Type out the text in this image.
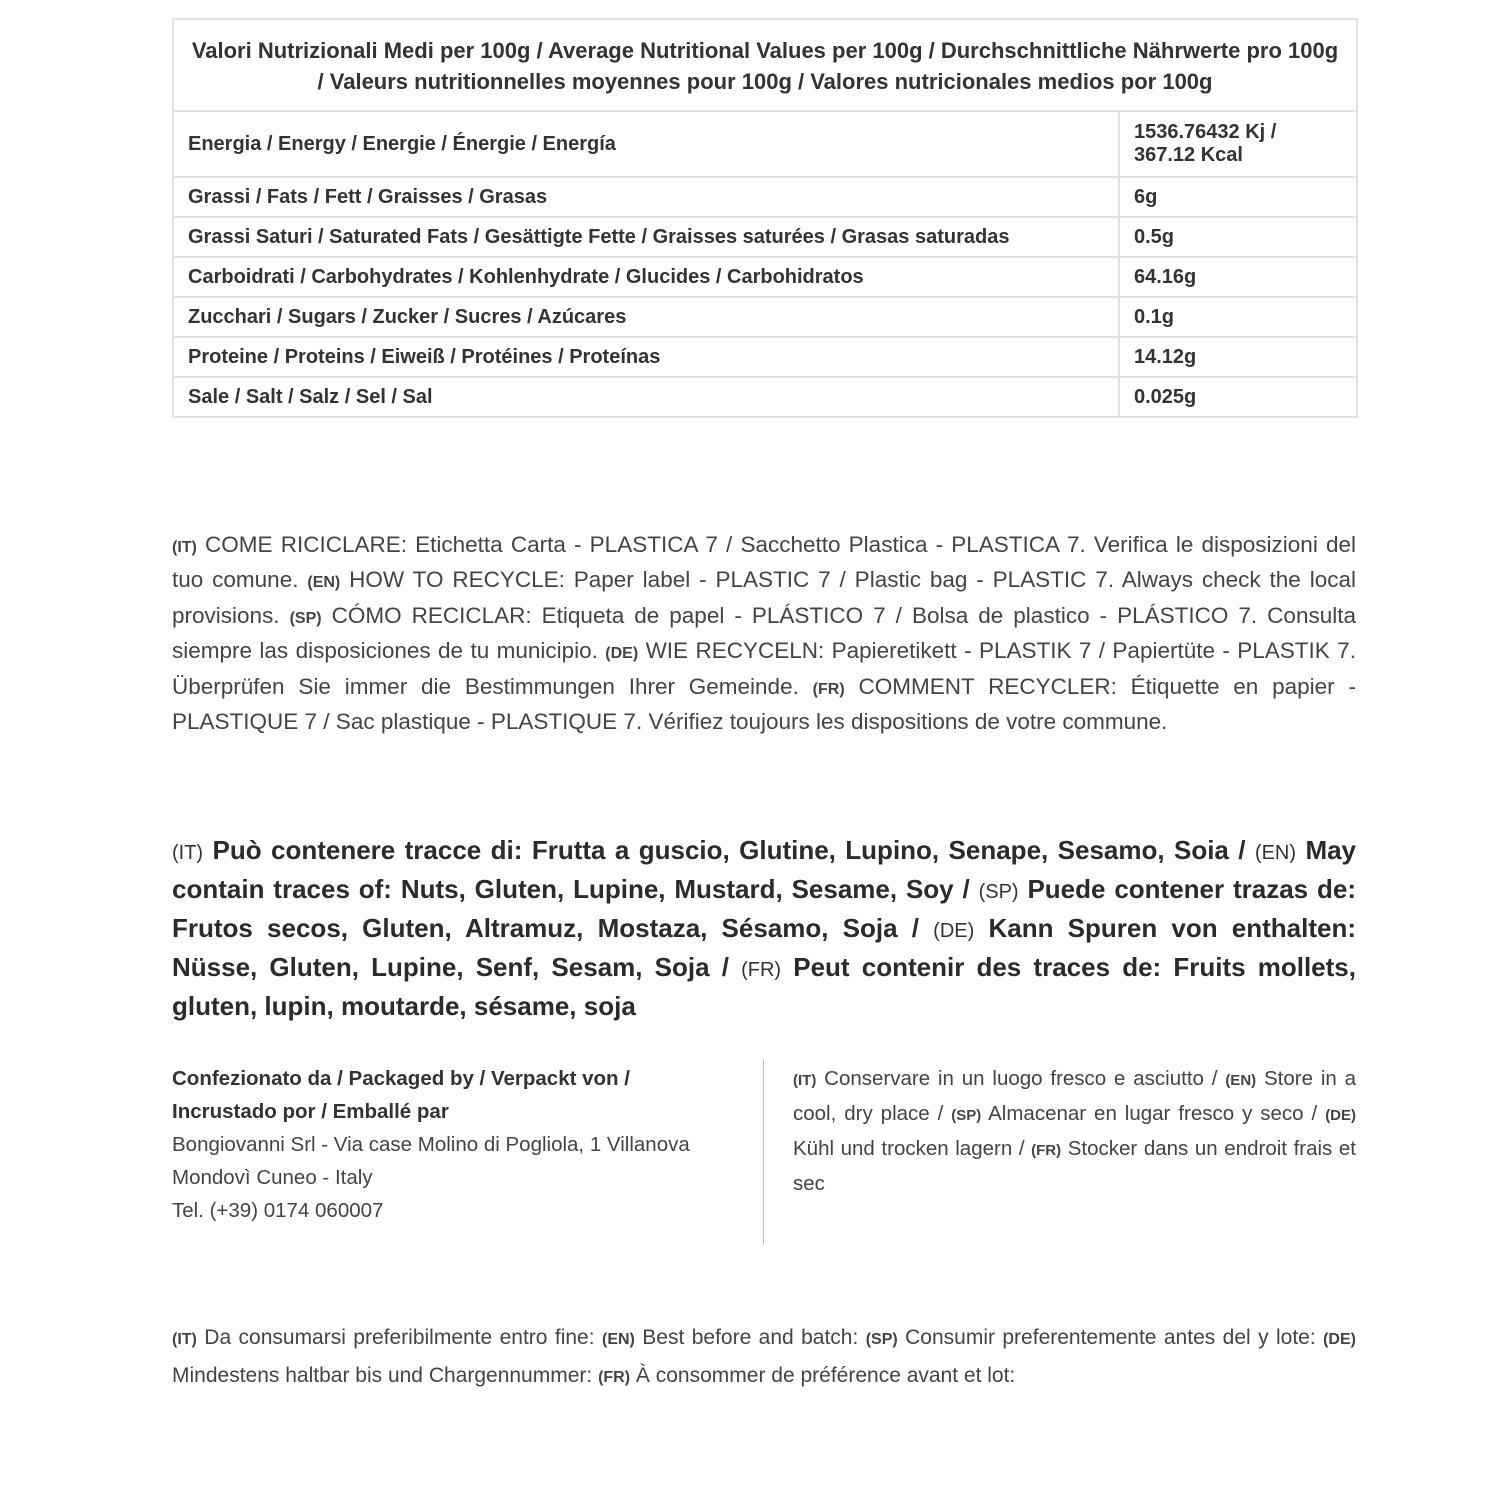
Valori Nutrizionali Medi per 100g / Average Nutritional Values per 100g / Durchschnittliche Nährwerte pro 100g / Valeurs nutritionnelles moyennes pour 100g / Valores nutricionales medios por 100g	
Energia / Energy / Energie / Énergie / Energía	1536.76432 Kj /
367.12 Kcal
Grassi / Fats / Fett / Graisses / Grasas	6g
Grassi Saturi / Saturated Fats / Gesättigte Fette / Graisses saturées / Grasas saturadas	0.5g
Carboidrati / Carbohydrates / Kohlenhydrate / Glucides / Carbohidratos	64.16g
Zucchari / Sugars / Zucker / Sucres / Azúcares	0.1g
Proteine / Proteins / Eiweiß / Protéines / Proteínas	14.12g
Sale / Salt / Salz / Sel / Sal	0.025g

(IT) COME RICICLARE: Etichetta Carta - PLASTICA 7 / Sacchetto Plastica - PLASTICA 7. Verifica le disposizioni del tuo comune. (EN) HOW TO RECYCLE: Paper label - PLASTIC 7 / Plastic bag - PLASTIC 7. Always check the local provisions. (SP) CÓMO RECICLAR: Etiqueta de papel - PLÁSTICO 7 / Bolsa de plastico - PLÁSTICO 7. Consulta siempre las disposiciones de tu municipio. (DE) WIE RECYCELN: Papieretikett - PLASTIK 7 / Papiertüte - PLASTIK 7. Überprüfen Sie immer die Bestimmungen Ihrer Gemeinde. (FR) COMMENT RECYCLER: Étiquette en papier - PLASTIQUE 7 / Sac plastique - PLASTIQUE 7. Vérifiez toujours les dispositions de votre commune.

(IT) Può contenere tracce di: Frutta a guscio, Glutine, Lupino, Senape, Sesamo, Soia / (EN) May contain traces of: Nuts, Gluten, Lupine, Mustard, Sesame, Soy / (SP) Puede contener trazas de: Frutos secos, Gluten, Altramuz, Mostaza, Sésamo, Soja / (DE) Kann Spuren von enthalten: Nüsse, Gluten, Lupine, Senf, Sesam, Soja / (FR) Peut contenir des traces de: Fruits mollets, gluten, lupin, moutarde, sésame, soja

Confezionato da / Packaged by / Verpackt von /
Incrustado por / Emballé par
Bongiovanni Srl - Via case Molino di Pogliola, 1 Villanova
Mondovì Cuneo - Italy
Tel. (+39) 0174 060007

(IT) Conservare in un luogo fresco e asciutto / (EN) Store in a cool, dry place / (SP) Almacenar en lugar fresco y seco / (DE) Kühl und trocken lagern / (FR) Stocker dans un endroit frais et sec

(IT) Da consumarsi preferibilmente entro fine: (EN) Best before and batch: (SP) Consumir preferentemente antes del y lote: (DE) Mindestens haltbar bis und Chargennummer: (FR) À consommer de préférence avant et lot:
